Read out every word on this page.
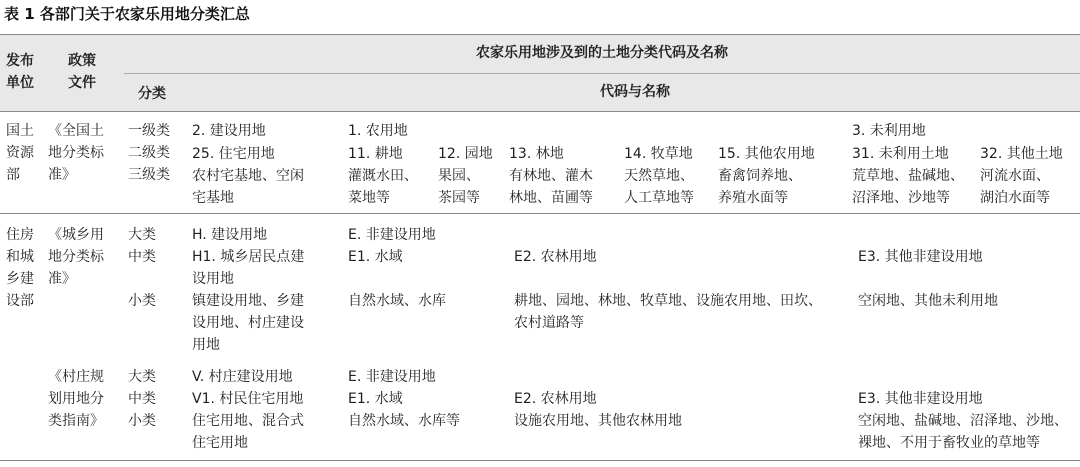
表 1 各部门关于农家乐用地分类汇总
发布
单位
政策
文件
农家乐用地涉及到的土地分类代码及名称
分类	代码与名称
国土
资源
部
《全国土
地分类标
准》
一级类
二级类
三级类
2. 建设用地
25. 住宅用地
农村宅基地、空闲
宅基地
1. 农用地
11. 耕地
灌溉水田、
菜地等
12. 园地
果园、
茶园等
13. 林地
有林地、灌木
林地、苗圃等
14. 牧草地
天然草地、
人工草地等
15. 其他农用地
畜禽饲养地、
养殖水面等
3. 未利用地
31. 未利用土地
荒草地、盐碱地、
沼泽地、沙地等
32. 其他土地
河流水面、
湖泊水面等
住房
和城
乡建
设部
《城乡用
地分类标
准》
大类
中类
小类
H. 建设用地
H1. 城乡居民点建
设用地
镇建设用地、乡建
设用地、村庄建设
用地
E. 非建设用地
E1. 水域
自然水域、水库
E2. 农林用地
耕地、园地、林地、牧草地、设施农用地、田坎、
农村道路等
E3. 其他非建设用地
空闲地、其他未利用地
《村庄规
划用地分
类指南》
大类
中类
小类
V. 村庄建设用地
V1. 村民住宅用地
住宅用地、混合式
住宅用地
E. 非建设用地
E1. 水域
自然水域、水库等
E2. 农林用地
设施农用地、其他农林用地
E3. 其他非建设用地
空闲地、盐碱地、沼泽地、沙地、
裸地、不用于畜牧业的草地等
